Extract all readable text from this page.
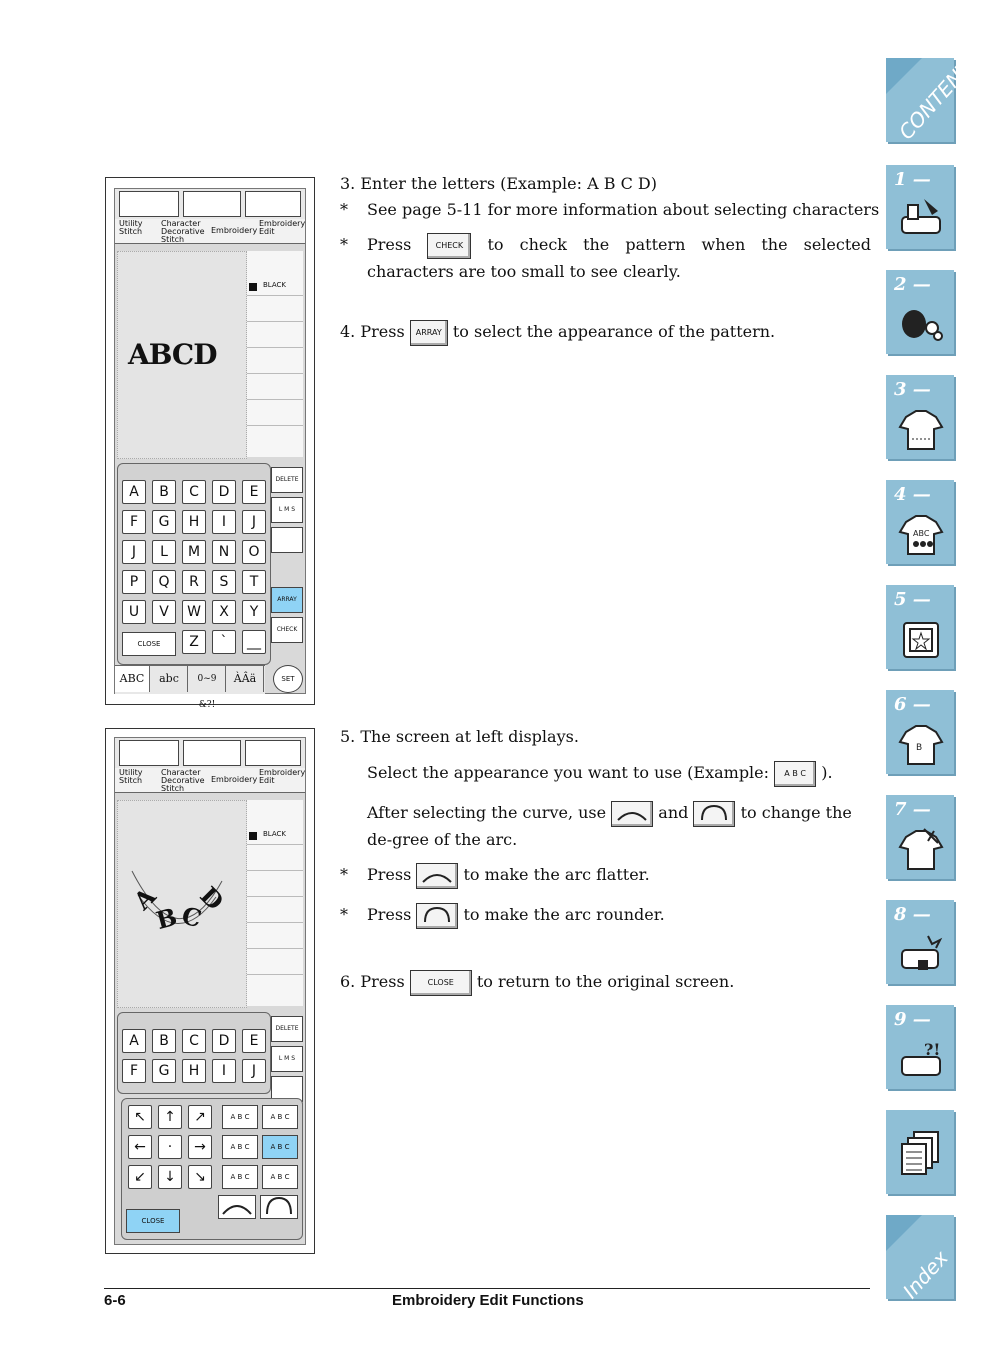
CONTENTS
1 —
2 —
3 —
4 —
ABC
5 —
6 —
B
7 —
8 —
9 —
?!
Index
Utility Stitch
Character Decorative Stitch
Embroidery
Embroidery Edit
ABCD
BLACK
A	B	C	D	E
F	G	H	I	J
J	L	M	N	O
P	Q	R	S	T
U	V	W	X	Y
Z	`	__
CLOSE
DELETE
L M S
ARRAY
CHECK
ABC	abc	0~9 &?!
ÀÂä	SET
Utility Stitch
Character Decorative Stitch
Embroidery
Embroidery Edit
A
B
C
D
BLACK
A	B	C	D	E
F	G	H	I	J
DELETE
L M S
↖	↑	↗
←	·	→
↙	↓	↘
A B C	A B C
A B C	A B C
A B C	A B C
CLOSE
3. Enter the letters (Example: A B C D)
* See page 5-11 for more information about selecting characters
* Press	CHECK to check the pattern when the selected characters are too small to see clearly.
4. Press ARRAY to select the appearance of the pattern.
5. The screen at left displays.
Select the appearance you want to use (Example: A B C ).
After selecting the curve, use	and	to change the de-gree of the arc.
* Press	to make the arc flatter.
* Press	to make the arc rounder.
6. Press	CLOSE to return to the original screen.
6-6	Embroidery Edit Functions
